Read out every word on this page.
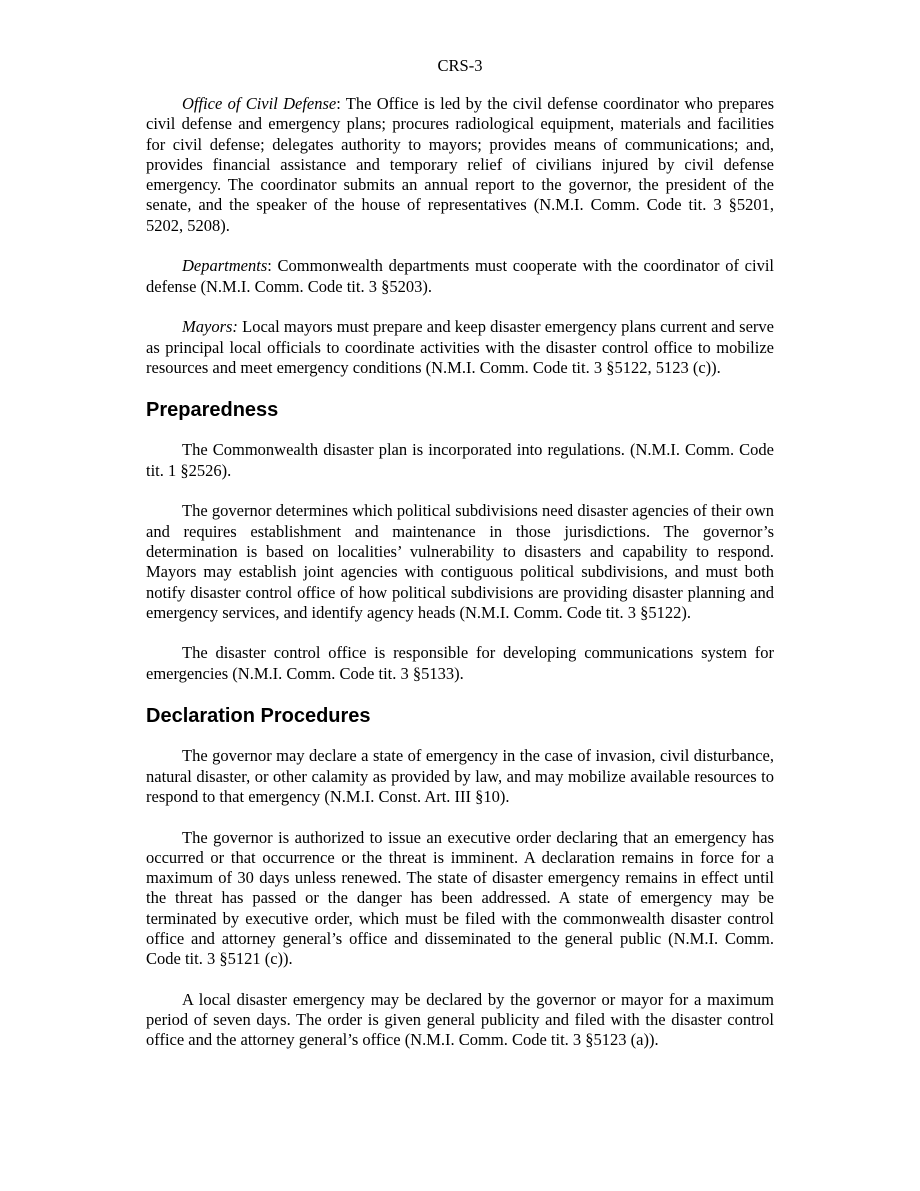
CRS-3

Office of Civil Defense: The Office is led by the civil defense coordinator who prepares civil defense and emergency plans; procures radiological equipment, materials and facilities for civil defense; delegates authority to mayors; provides means of communications; and, provides financial assistance and temporary relief of civilians injured by civil defense emergency. The coordinator submits an annual report to the governor, the president of the senate, and the speaker of the house of representatives (N.M.I. Comm. Code tit. 3 §5201, 5202, 5208).

Departments: Commonwealth departments must cooperate with the coordinator of civil defense (N.M.I. Comm. Code tit. 3 §5203).

Mayors: Local mayors must prepare and keep disaster emergency plans current and serve as principal local officials to coordinate activities with the disaster control office to mobilize resources and meet emergency conditions (N.M.I. Comm. Code tit. 3 §5122, 5123 (c)).

Preparedness

The Commonwealth disaster plan is incorporated into regulations. (N.M.I. Comm. Code tit. 1 §2526).

The governor determines which political subdivisions need disaster agencies of their own and requires establishment and maintenance in those jurisdictions. The governor’s determination is based on localities’ vulnerability to disasters and capability to respond. Mayors may establish joint agencies with contiguous political subdivisions, and must both notify disaster control office of how political subdivisions are providing disaster planning and emergency services, and identify agency heads (N.M.I. Comm. Code tit. 3 §5122).

The disaster control office is responsible for developing communications system for emergencies (N.M.I. Comm. Code tit. 3 §5133).

Declaration Procedures

The governor may declare a state of emergency in the case of invasion, civil disturbance, natural disaster, or other calamity as provided by law, and may mobilize available resources to respond to that emergency (N.M.I. Const. Art. III §10).

The governor is authorized to issue an executive order declaring that an emergency has occurred or that occurrence or the threat is imminent. A declaration remains in force for a maximum of 30 days unless renewed. The state of disaster emergency remains in effect until the threat has passed or the danger has been addressed. A state of emergency may be terminated by executive order, which must be filed with the commonwealth disaster control office and attorney general’s office and disseminated to the general public (N.M.I. Comm. Code tit. 3 §5121 (c)).

A local disaster emergency may be declared by the governor or mayor for a maximum period of seven days. The order is given general publicity and filed with the disaster control office and the attorney general’s office (N.M.I. Comm. Code tit. 3 §5123 (a)).
